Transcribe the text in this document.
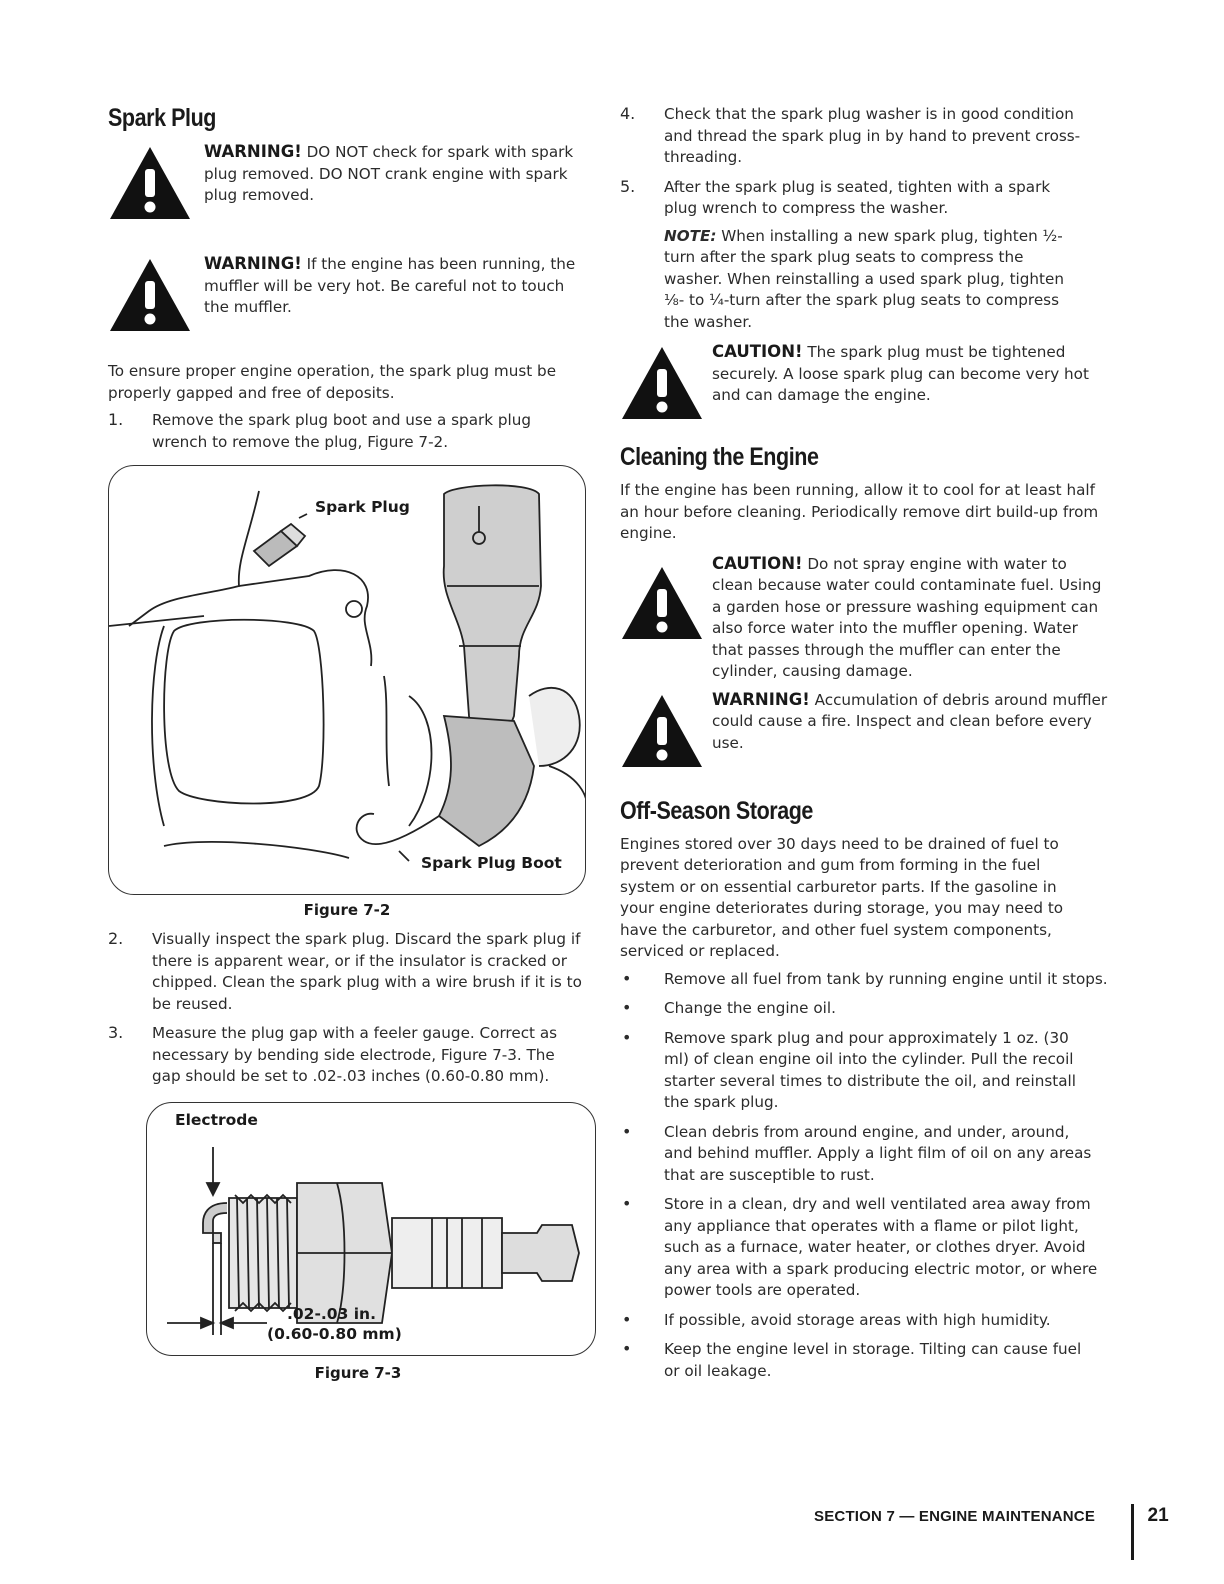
Spark Plug
WARNING! DO NOT check for spark with spark plug removed. DO NOT crank engine with spark plug removed.
WARNING! If the engine has been running, the muffler will be very hot. Be careful not to touch the muffler.

To ensure proper engine operation, the spark plug must be properly gapped and free of deposits.

1.	Remove the spark plug boot and use a spark plug wrench to remove the plug, Figure 7-2.

Spark Plug
Spark Plug Boot
Figure 7-2
2.	Visually inspect the spark plug. Discard the spark plug if there is apparent wear, or if the insulator is cracked or chipped. Clean the spark plug with a wire brush if it is to be reused.

3.	Measure the plug gap with a feeler gauge. Correct as necessary by bending side electrode, Figure 7-3. The gap should be set to .02-.03 inches (0.60-0.80 mm).

Electrode
.02-.03 in.
(0.60-0.80 mm)
Figure 7-3
4.	Check that the spark plug washer is in good condition and thread the spark plug in by hand to prevent cross-threading.

5.	After the spark plug is seated, tighten with a spark plug wrench to compress the washer.

NOTE: When installing a new spark plug, tighten ½-turn after the spark plug seats to compress the washer. When reinstalling a used spark plug, tighten ⅛- to ¼-turn after the spark plug seats to compress the washer.

CAUTION! The spark plug must be tightened securely. A loose spark plug can become very hot and can damage the engine.
Cleaning the Engine

If the engine has been running, allow it to cool for at least half an hour before cleaning. Periodically remove dirt build-up from engine.

CAUTION! Do not spray engine with water to clean because water could contaminate fuel. Using a garden hose or pressure washing equipment can also force water into the muffler opening. Water that passes through the muffler can enter the cylinder, causing damage.
WARNING! Accumulation of debris around muffler could cause a fire. Inspect and clean before every use.
Off-Season Storage

Engines stored over 30 days need to be drained of fuel to prevent deterioration and gum from forming in the fuel system or on essential carburetor parts. If the gasoline in your engine deteriorates during storage, you may need to have the carburetor, and other fuel system components, serviced or replaced.

•	Remove all fuel from tank by running engine until it stops.

•	Change the engine oil.

•	Remove spark plug and pour approximately 1 oz. (30 ml) of clean engine oil into the cylinder. Pull the recoil starter several times to distribute the oil, and reinstall the spark plug.

•	Clean debris from around engine, and under, around, and behind muffler. Apply a light film of oil on any areas that are susceptible to rust.

•	Store in a clean, dry and well ventilated area away from any appliance that operates with a flame or pilot light, such as a furnace, water heater, or clothes dryer. Avoid any area with a spark producing electric motor, or where power tools are operated.

•	If possible, avoid storage areas with high humidity.

•	Keep the engine level in storage. Tilting can cause fuel or oil leakage.

SECTION 7 — ENGINE MAINTENANCE	21
